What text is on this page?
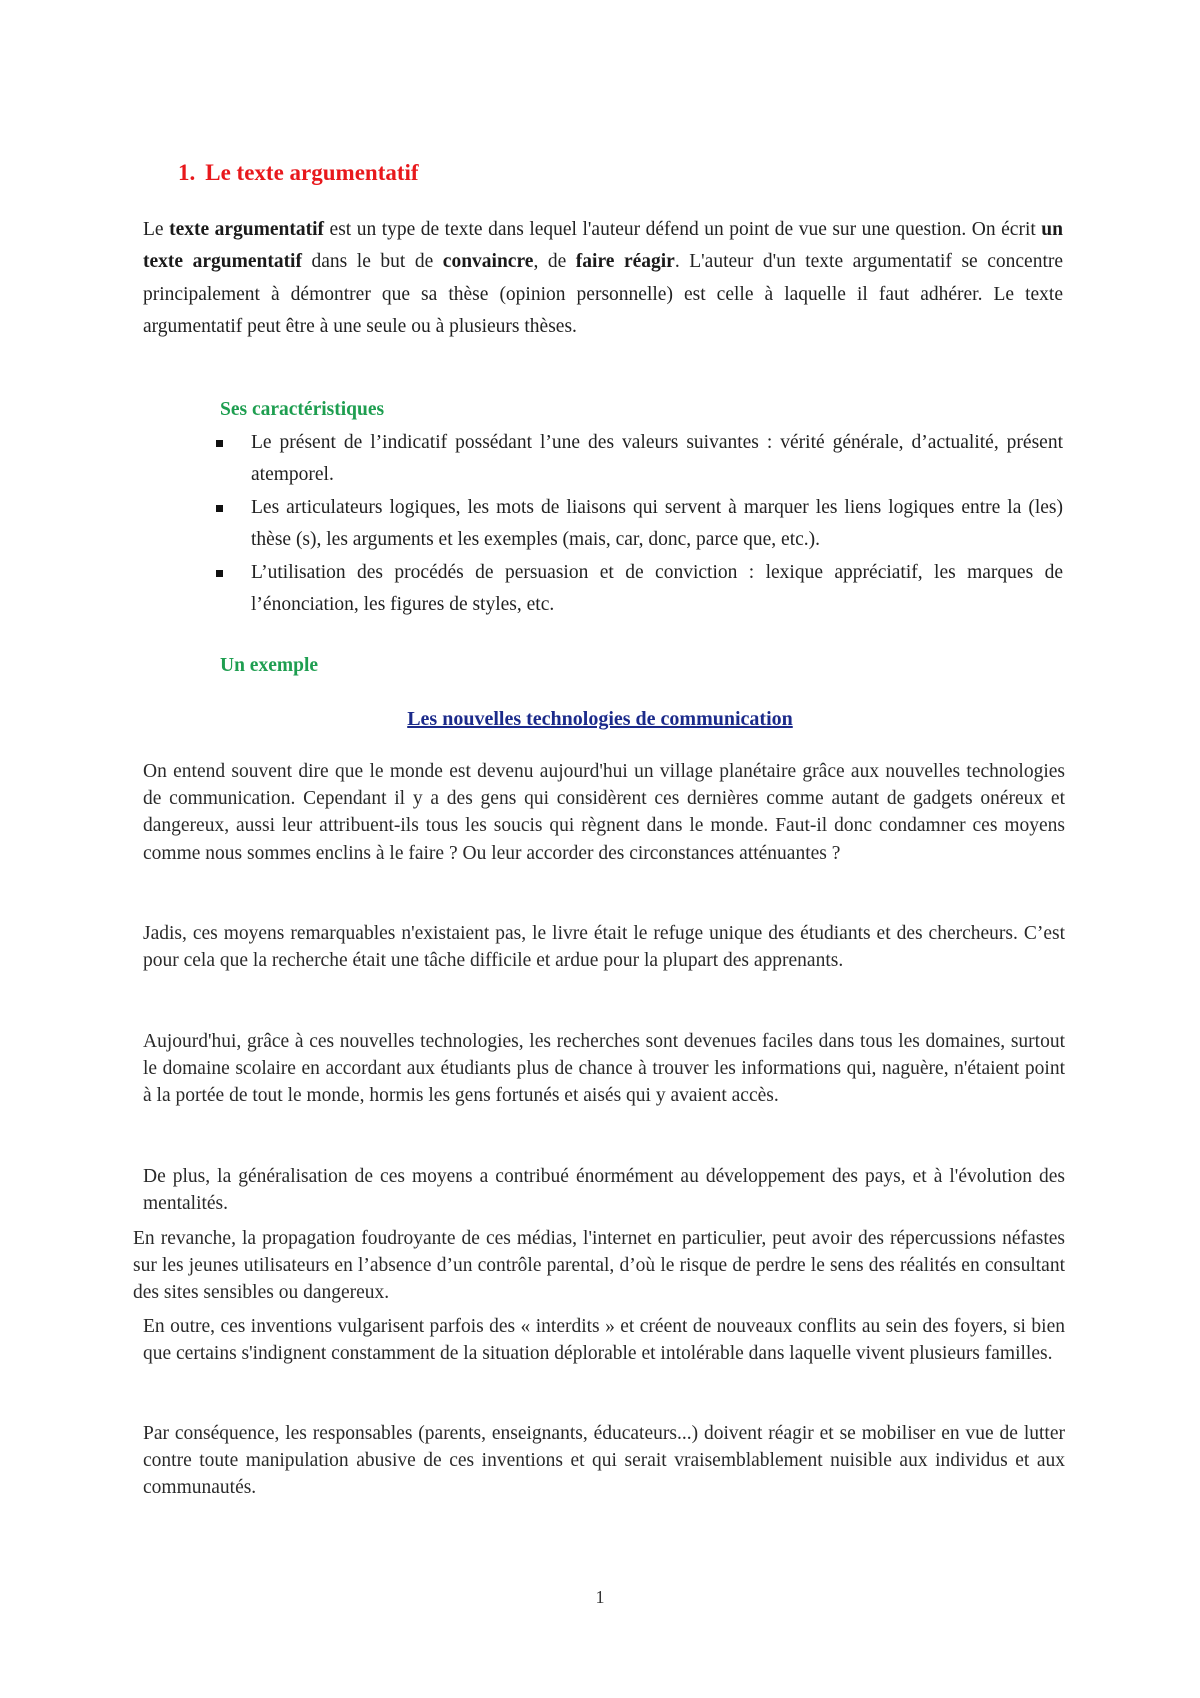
1. Le texte argumentatif

Le texte argumentatif est un type de texte dans lequel l'auteur défend un point de vue sur une question. On écrit un texte argumentatif dans le but de convaincre, de faire réagir. L'auteur d'un texte argumentatif se concentre principalement à démontrer que sa thèse (opinion personnelle) est celle à laquelle il faut adhérer. Le texte argumentatif peut être à une seule ou à plusieurs thèses.

Ses caractéristiques
Le présent de l’indicatif possédant l’une des valeurs suivantes : vérité générale, d’actualité, présent atemporel.
Les articulateurs logiques, les mots de liaisons qui servent à marquer les liens logiques entre la (les) thèse (s), les arguments et les exemples (mais, car, donc, parce que, etc.).
L’utilisation des procédés de persuasion et de conviction : lexique appréciatif, les marques de l’énonciation, les figures de styles, etc.
Un exemple
Les nouvelles technologies de communication

On entend souvent dire que le monde est devenu aujourd'hui un village planétaire grâce aux nouvelles technologies de communication. Cependant il y a des gens qui considèrent ces dernières comme autant de gadgets onéreux et dangereux, aussi leur attribuent-ils tous les soucis qui règnent dans le monde. Faut-il donc condamner ces moyens comme nous sommes enclins à le faire ? Ou leur accorder des circonstances atténuantes ?

Jadis, ces moyens remarquables n'existaient pas, le livre était le refuge unique des étudiants et des chercheurs. C’est pour cela que la recherche était une tâche difficile et ardue pour la plupart des apprenants.

Aujourd'hui, grâce à ces nouvelles technologies, les recherches sont devenues faciles dans tous les domaines, surtout le domaine scolaire en accordant aux étudiants plus de chance à trouver les informations qui, naguère, n'étaient point à la portée de tout le monde, hormis les gens fortunés et aisés qui y avaient accès.

De plus, la généralisation de ces moyens a contribué énormément au développement des pays, et à l'évolution des mentalités.

En revanche, la propagation foudroyante de ces médias, l'internet en particulier, peut avoir des répercussions néfastes sur les jeunes utilisateurs en l’absence d’un contrôle parental, d’où le risque de perdre le sens des réalités en consultant des sites sensibles ou dangereux.

En outre, ces inventions vulgarisent parfois des « interdits » et créent de nouveaux conflits au sein des foyers, si bien que certains s'indignent constamment de la situation déplorable et intolérable dans laquelle vivent plusieurs familles.

Par conséquence, les responsables (parents, enseignants, éducateurs...) doivent réagir et se mobiliser en vue de lutter contre toute manipulation abusive de ces inventions et qui serait vraisemblablement nuisible aux individus et aux communautés.

1
